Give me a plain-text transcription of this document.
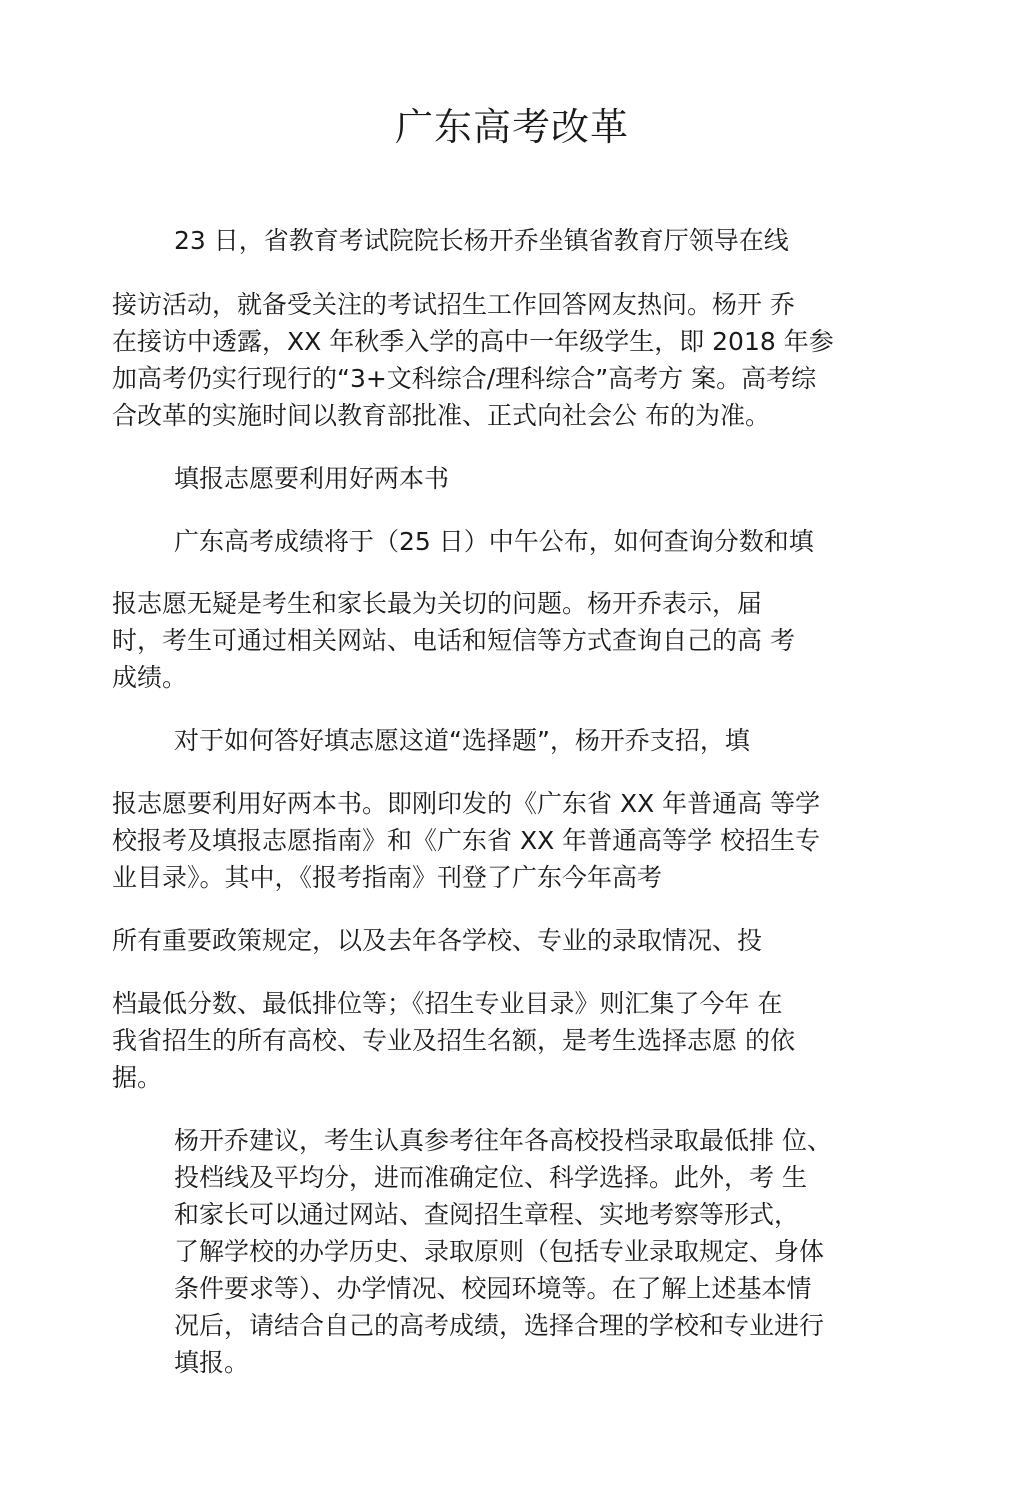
广东高考改革

23 日，省教育考试院院长杨开乔坐镇省教育厅领导在线

接访活动，就备受关注的考试招生工作回答网友热问。杨开 乔

在接访中透露，XX 年秋季入学的高中一年级学生，即 2018 年参

加高考仍实行现行的“3+文科综合/理科综合”高考方 案。高考综

合改革的实施时间以教育部批准、正式向社会公 布的为准。

填报志愿要利用好两本书

广东高考成绩将于（25 日）中午公布，如何查询分数和填

报志愿无疑是考生和家长最为关切的问题。杨开乔表示，届

时，考生可通过相关网站、电话和短信等方式查询自己的高 考

成绩。

对于如何答好填志愿这道“选择题”，杨开乔支招，填

报志愿要利用好两本书。即刚印发的《广东省 XX 年普通高 等学

校报考及填报志愿指南》和《广东省 XX 年普通高等学 校招生专

业目录》。其中，《报考指南》刊登了广东今年高考

所有重要政策规定，以及去年各学校、专业的录取情况、投

档最低分数、最低排位等；《招生专业目录》则汇集了今年 在

我省招生的所有高校、专业及招生名额，是考生选择志愿 的依

据。

杨开乔建议，考生认真参考往年各高校投档录取最低排 位、

投档线及平均分，进而准确定位、科学选择。此外，考 生

和家长可以通过网站、查阅招生章程、实地考察等形式，

了解学校的办学历史、录取原则（包括专业录取规定、身体

条件要求等）、办学情况、校园环境等。在了解上述基本情

况后，请结合自己的高考成绩，选择合理的学校和专业进行

填报。
